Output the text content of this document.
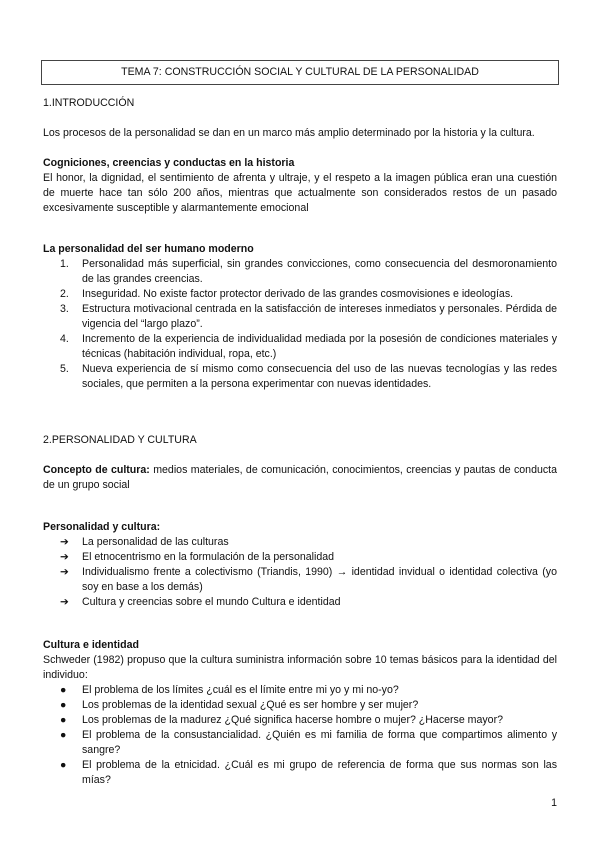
TEMA 7: CONSTRUCCIÓN SOCIAL Y CULTURAL DE LA PERSONALIDAD
1.INTRODUCCIÓN
Los procesos de la personalidad se dan en un marco más amplio determinado por la historia y la cultura.
Cogniciones, creencias y conductas en la historia
El honor, la dignidad, el sentimiento de afrenta y ultraje, y el respeto a la imagen pública eran una cuestión de muerte hace tan sólo 200 años, mientras que actualmente son considerados restos de un pasado excesivamente susceptible y alarmantemente emocional
La personalidad del ser humano moderno
1. Personalidad más superficial, sin grandes convicciones, como consecuencia del desmoronamiento de las grandes creencias.
2. Inseguridad. No existe factor protector derivado de las grandes cosmovisiones e ideologías.
3. Estructura motivacional centrada en la satisfacción de intereses inmediatos y personales. Pérdida de vigencia del “largo plazo”.
4. Incremento de la experiencia de individualidad mediada por la posesión de condiciones materiales y técnicas (habitación individual, ropa, etc.)
5. Nueva experiencia de sí mismo como consecuencia del uso de las nuevas tecnologías y las redes sociales, que permiten a la persona experimentar con nuevas identidades.
2.PERSONALIDAD Y CULTURA
Concepto de cultura: medios materiales, de comunicación, conocimientos, creencias y pautas de conducta de un grupo social
Personalidad y cultura:
➔ La personalidad de las culturas
➔ El etnocentrismo en la formulación de la personalidad
➔ Individualismo frente a colectivismo (Triandis, 1990) → identidad invidual o identidad colectiva (yo soy en base a los demás)
➔ Cultura y creencias sobre el mundo Cultura e identidad
Cultura e identidad
Schweder (1982) propuso que la cultura suministra información sobre 10 temas básicos para la identidad del individuo:
● El problema de los límites ¿cuál es el límite entre mi yo y mi no-yo?
● Los problemas de la identidad sexual ¿Qué es ser hombre y ser mujer?
● Los problemas de la madurez ¿Qué significa hacerse hombre o mujer? ¿Hacerse mayor?
● El problema de la consustancialidad. ¿Quién es mi familia de forma que compartimos alimento y sangre?
● El problema de la etnicidad. ¿Cuál es mi grupo de referencia de forma que sus normas son las mías?
1
